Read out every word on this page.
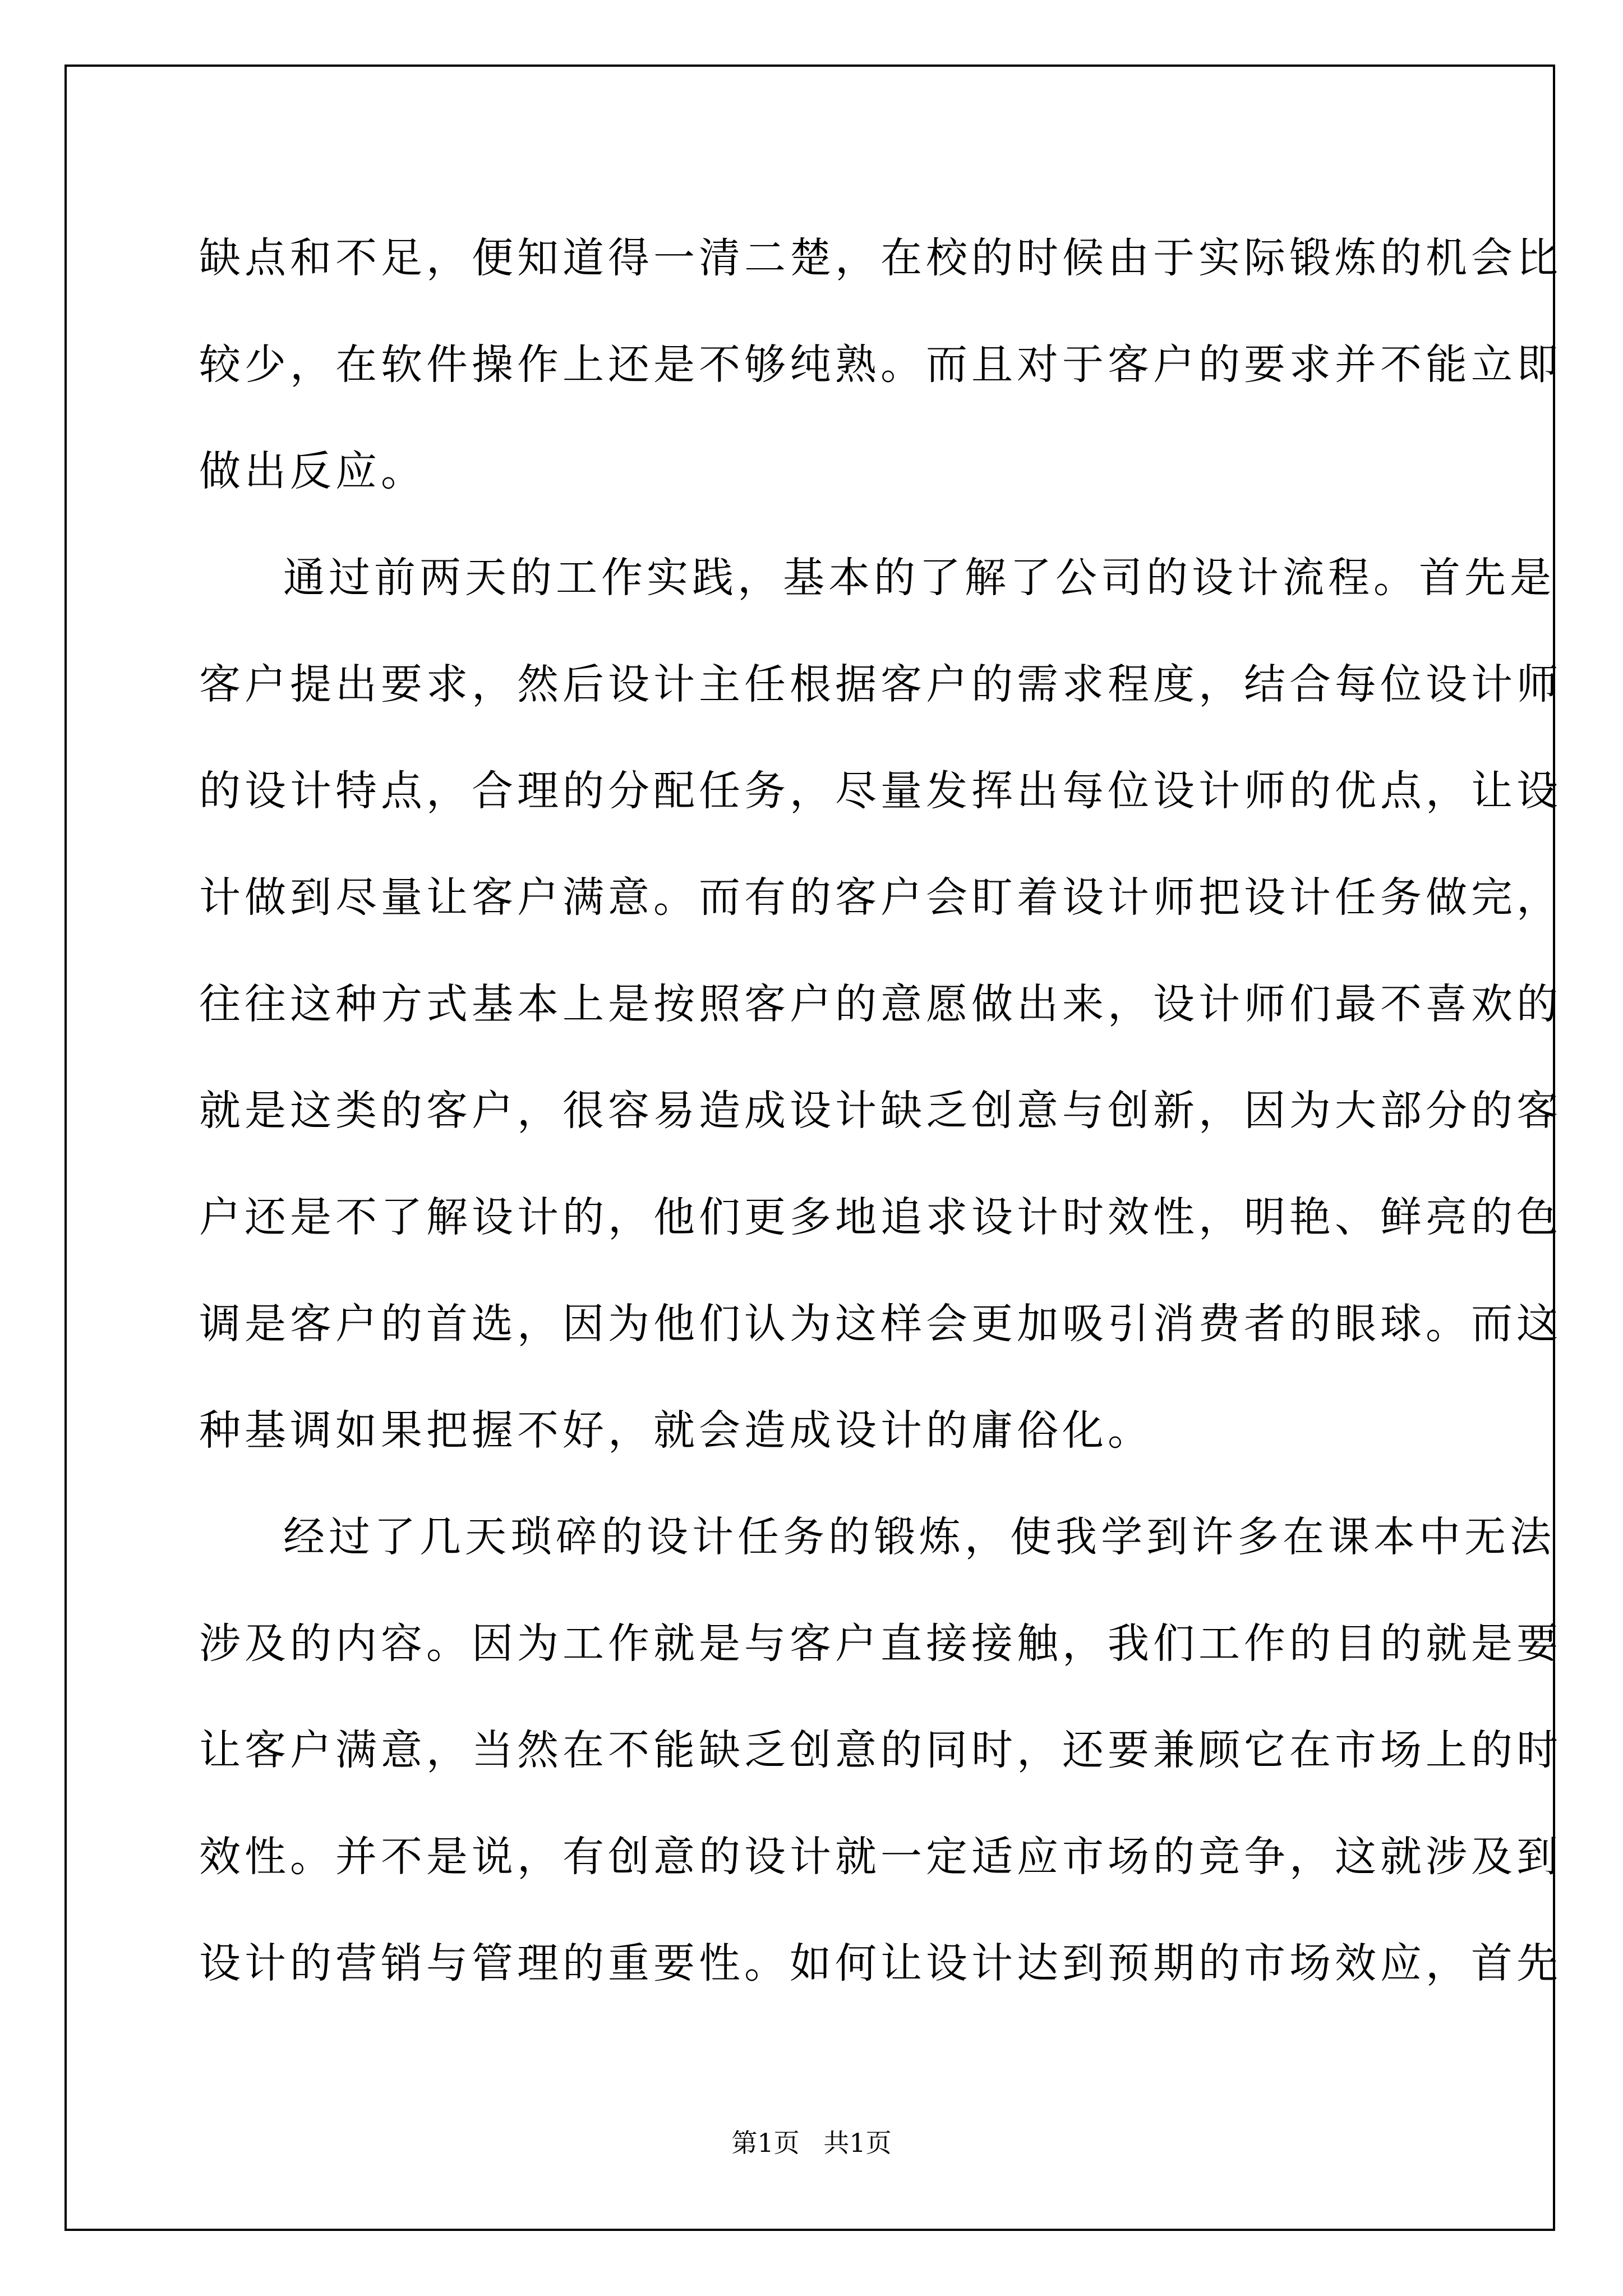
缺点和不足，便知道得一清二楚，在校的时候由于实际锻炼的机会比
较少，在软件操作上还是不够纯熟。而且对于客户的要求并不能立即
做出反应。
通过前两天的工作实践，基本的了解了公司的设计流程。首先是
客户提出要求，然后设计主任根据客户的需求程度，结合每位设计师
的设计特点，合理的分配任务，尽量发挥出每位设计师的优点，让设
计做到尽量让客户满意。而有的客户会盯着设计师把设计任务做完，
往往这种方式基本上是按照客户的意愿做出来，设计师们最不喜欢的
就是这类的客户，很容易造成设计缺乏创意与创新，因为大部分的客
户还是不了解设计的，他们更多地追求设计时效性，明艳、鲜亮的色
调是客户的首选，因为他们认为这样会更加吸引消费者的眼球。而这
种基调如果把握不好，就会造成设计的庸俗化。
经过了几天琐碎的设计任务的锻炼，使我学到许多在课本中无法
涉及的内容。因为工作就是与客户直接接触，我们工作的目的就是要
让客户满意，当然在不能缺乏创意的同时，还要兼顾它在市场上的时
效性。并不是说，有创意的设计就一定适应市场的竞争，这就涉及到
设计的营销与管理的重要性。如何让设计达到预期的市场效应，首先
第1页 共1页
